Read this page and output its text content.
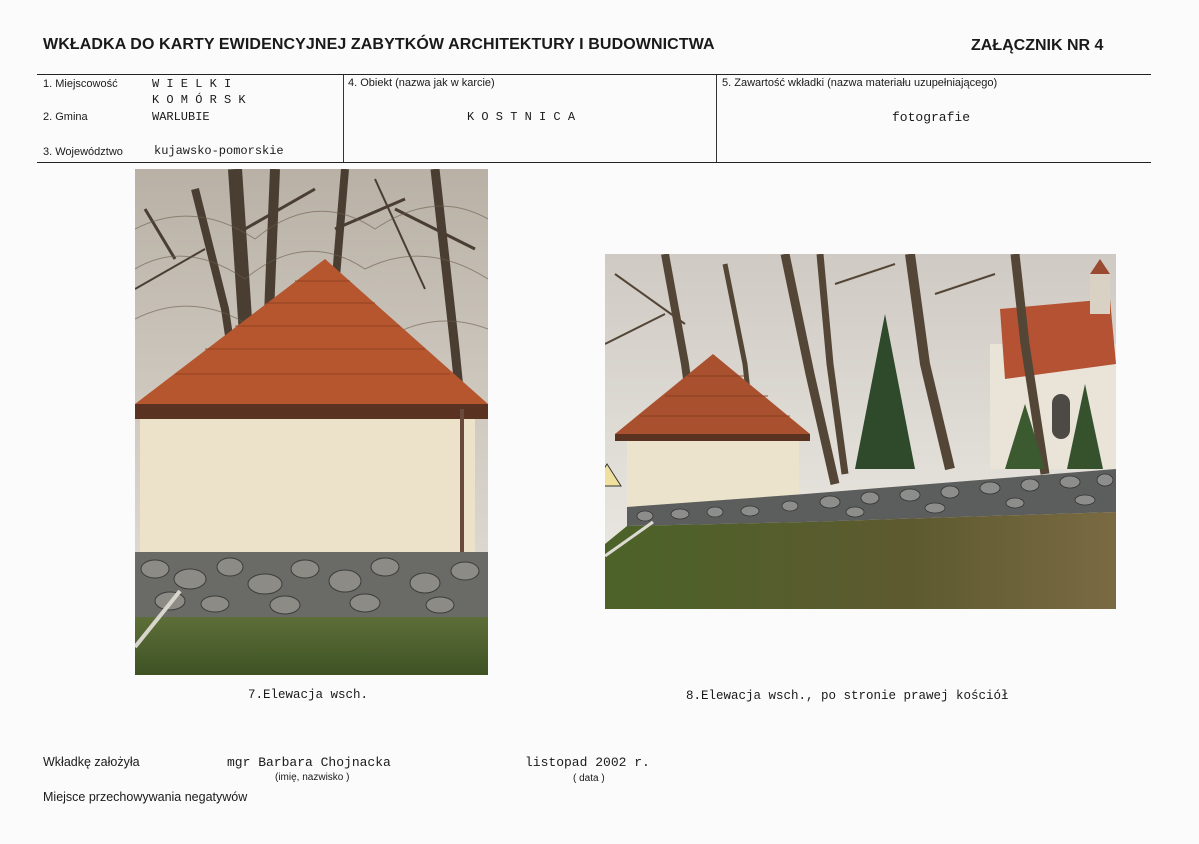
WKŁADKA DO KARTY EWIDENCYJNEJ ZABYTKÓW ARCHITEKTURY I BUDOWNICTWA	ZAŁĄCZNIK NR 4
1. Miejscowość	W I E L K I
K O M Ó R S K
2. Gmina	WARLUBIE
3. Województwo	kujawsko-pomorskie
4. Obiekt (nazwa jak w karcie)
K O S T N I C A
5. Zawartość wkładki (nazwa materiału uzupełniającego)
fotografie
7.Elewacja wsch.	8.Elewacja wsch., po stronie prawej kościół
Wkładkę założyła	mgr Barbara Chojnacka
(imię, nazwisko )
listopad 2002 r.
( data )
Miejsce przechowywania negatywów
